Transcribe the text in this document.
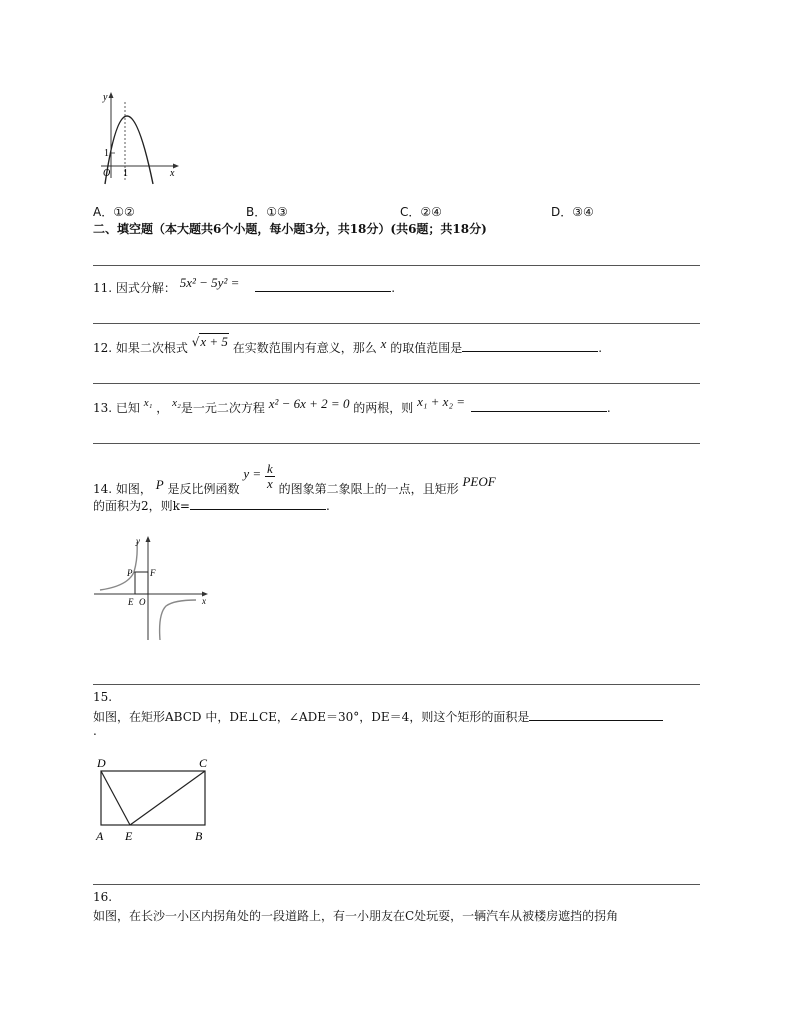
y
x
O 1
1
A．①②	B．①③	C．②④	D．③④
二、填空题（本大题共6个小题，每小题3分，共18分）(共6题；共18分)
11. 因式分解： 5x² − 5y² =	.
12. 如果二次根式 √x + 5 在实数范围内有意义，那么 x 的取值范围是	.
13. 已知 x₁ ， x₂是一元二次方程 x² − 6x + 2 = 0 的两根，则 x₁ + x₂ =	.
14. 如图， P 是反比例函数 $y = \frac{k}{x}$ 的图象第二象限上的一点，且矩形 PEOF
的面积为2，则k=	.
y
x
P F
E O
15.
如图，在矩形ABCD 中，DE⊥CE，∠ADE＝30°，DE＝4，则这个矩形的面积是
.
D	C
A E	B
16.
如图，在长沙一小区内拐角处的一段道路上，有一小朋友在C处玩耍，一辆汽车从被楼房遮挡的拐角
